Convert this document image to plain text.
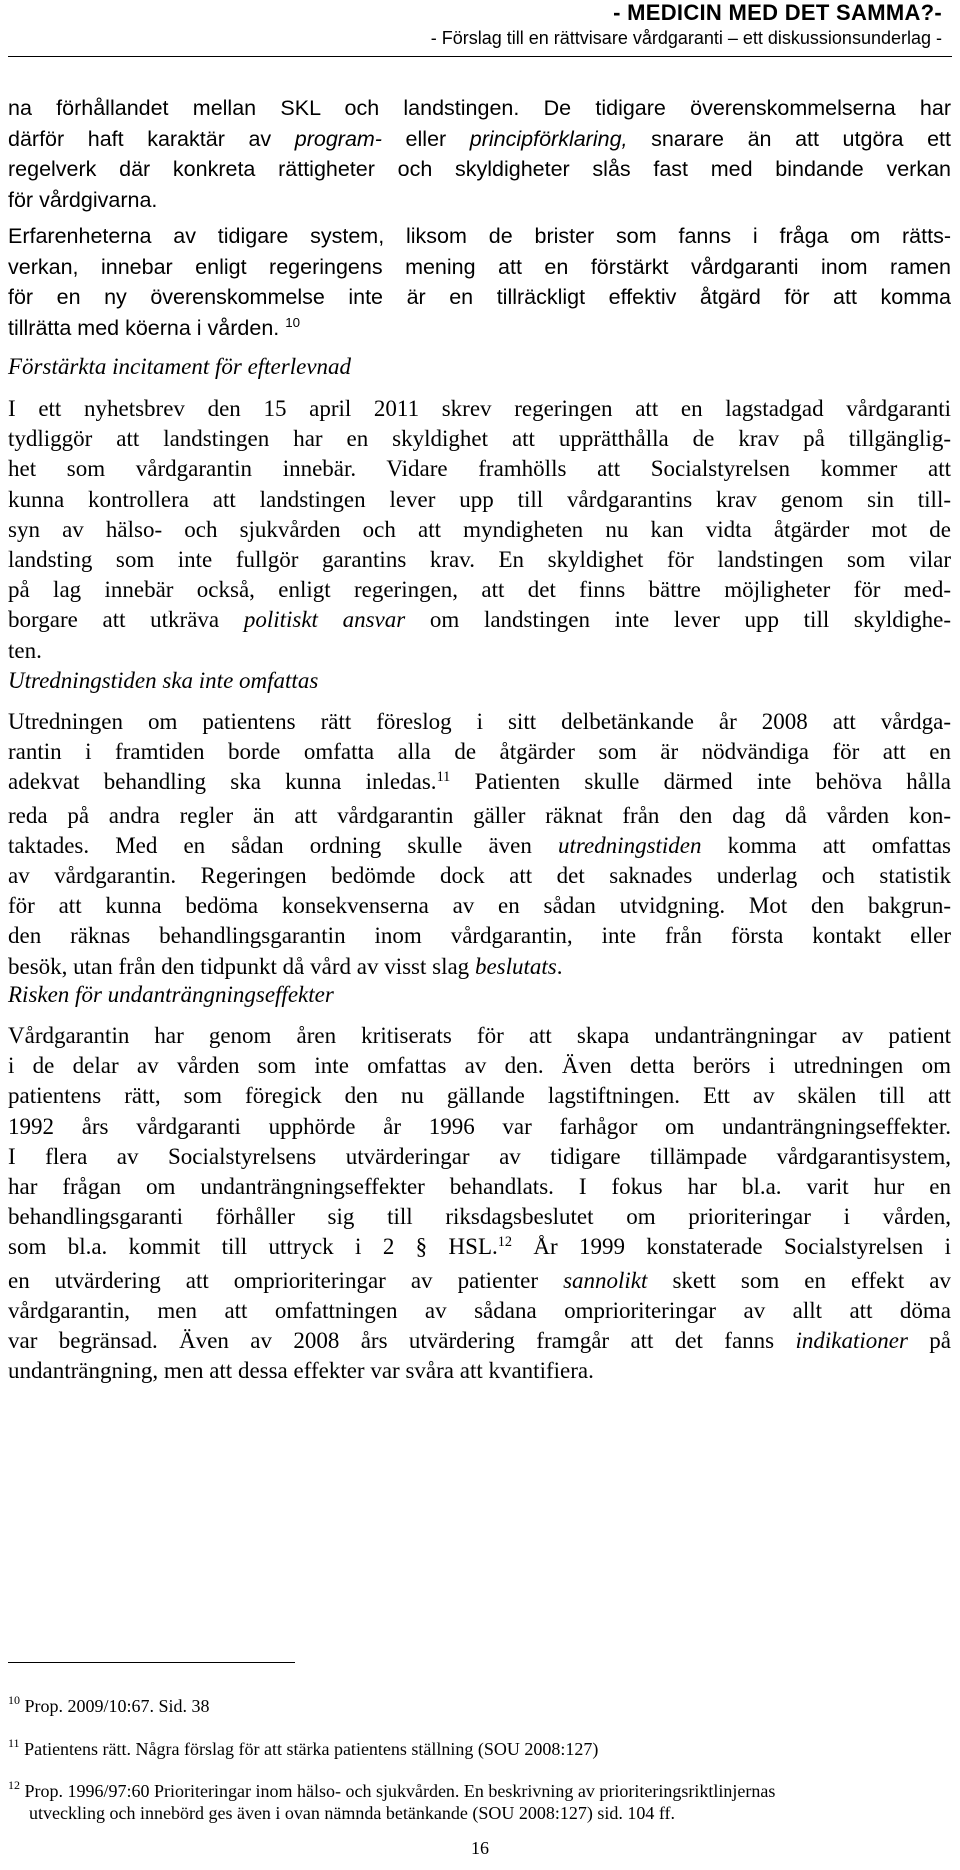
- MEDICIN MED DET SAMMA?-
- Förslag till en rättvisare vårdgaranti – ett diskussionsunderlag -
na förhållandet mellan SKL och landstingen. De tidigare överenskommelserna har
därför haft karaktär av program- eller principförklaring, snarare än att utgöra ett
regelverk där konkreta rättigheter och skyldigheter slås fast med bindande verkan
för vårdgivarna.
Erfarenheterna av tidigare system, liksom de brister som fanns i fråga om rätts-
verkan, innebar enligt regeringens mening att en förstärkt vårdgaranti inom ramen
för en ny överenskommelse inte är en tillräckligt effektiv åtgärd för att komma
tillrätta med köerna i vården. $^{10}$
Förstärkta incitament för efterlevnad
I ett nyhetsbrev den 15 april 2011 skrev regeringen att en lagstadgad vårdgaranti
tydliggör att landstingen har en skyldighet att upprätthålla de krav på tillgänglig-
het som vårdgarantin innebär. Vidare framhölls att Socialstyrelsen kommer att
kunna kontrollera att landstingen lever upp till vårdgarantins krav genom sin till-
syn av hälso- och sjukvården och att myndigheten nu kan vidta åtgärder mot de
landsting som inte fullgör garantins krav. En skyldighet för landstingen som vilar
på lag innebär också, enligt regeringen, att det finns bättre möjligheter för med-
borgare att utkräva politiskt ansvar om landstingen inte lever upp till skyldighe-
ten.
Utredningstiden ska inte omfattas
Utredningen om patientens rätt föreslog i sitt delbetänkande år 2008 att vårdga-
rantin i framtiden borde omfatta alla de åtgärder som är nödvändiga för att en
adekvat behandling ska kunna inledas.$^{11}$ Patienten skulle därmed inte behöva hålla
reda på andra regler än att vårdgarantin gäller räknat från den dag då vården kon-
taktades. Med en sådan ordning skulle även utredningstiden komma att omfattas
av vårdgarantin. Regeringen bedömde dock att det saknades underlag och statistik
för att kunna bedöma konsekvenserna av en sådan utvidgning. Mot den bakgrun-
den räknas behandlingsgarantin inom vårdgarantin, inte från första kontakt eller
besök, utan från den tidpunkt då vård av visst slag beslutats.
Risken för undanträngningseffekter
Vårdgarantin har genom åren kritiserats för att skapa undanträngningar av patient
i de delar av vården som inte omfattas av den. Även detta berörs i utredningen om
patientens rätt, som föregick den nu gällande lagstiftningen. Ett av skälen till att
1992 års vårdgaranti upphörde år 1996 var farhågor om undanträngningseffekter.
I flera av Socialstyrelsens utvärderingar av tidigare tillämpade vårdgarantisystem,
har frågan om undanträngningseffekter behandlats. I fokus har bl.a. varit hur en
behandlingsgaranti förhåller sig till riksdagsbeslutet om prioriteringar i vården,
som bl.a. kommit till uttryck i 2 § HSL.$^{12}$ År 1999 konstaterade Socialstyrelsen i
en utvärdering att omprioriteringar av patienter sannolikt skett som en effekt av
vårdgarantin, men att omfattningen av sådana omprioriteringar av allt att döma
var begränsad. Även av 2008 års utvärdering framgår att det fanns indikationer på
undanträngning, men att dessa effekter var svåra att kvantifiera.
$^{10}$ Prop. 2009/10:67. Sid. 38
$^{11}$ Patientens rätt. Några förslag för att stärka patientens ställning (SOU 2008:127)
$^{12}$ Prop. 1996/97:60 Prioriteringar inom hälso- och sjukvården. En beskrivning av prioriteringsriktlinjernas
utveckling och innebörd ges även i ovan nämnda betänkande (SOU 2008:127) sid. 104 ff.
16
